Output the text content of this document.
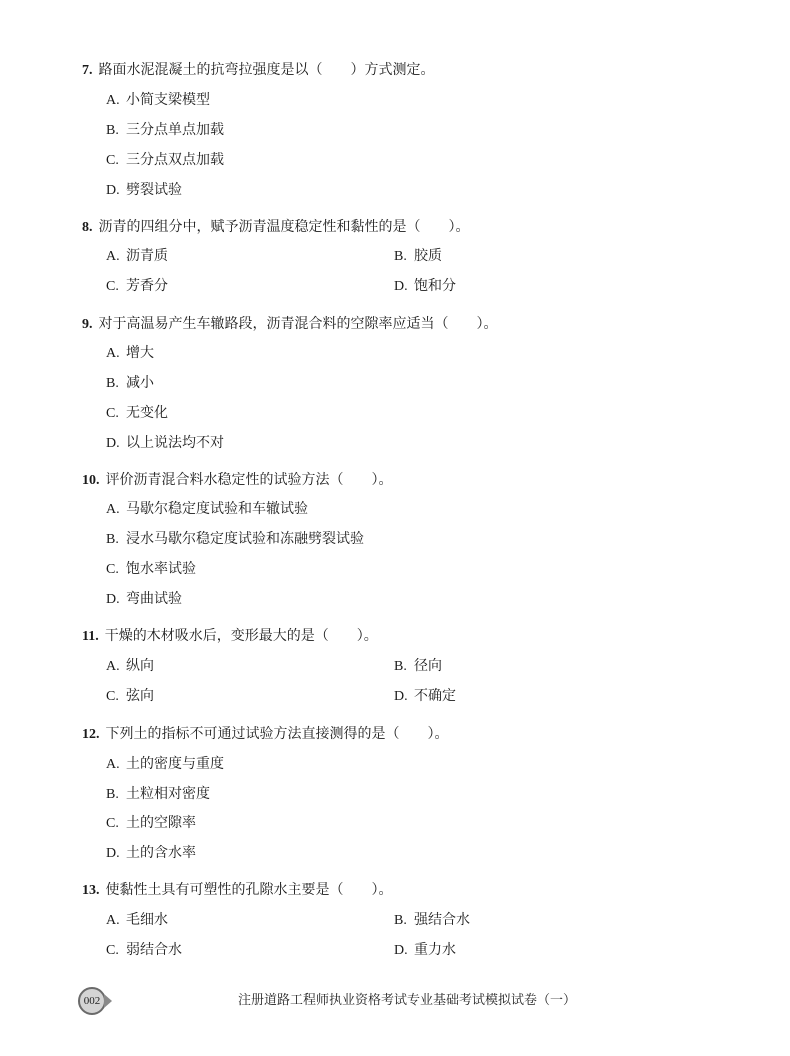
7. 路面水泥混凝土的抗弯拉强度是以（　　）方式测定。
A. 小简支梁模型
B. 三分点单点加载
C. 三分点双点加载
D. 劈裂试验
8. 沥青的四组分中，赋予沥青温度稳定性和黏性的是（　　）。
A. 沥青质	B. 胶质
C. 芳香分	D. 饱和分
9. 对于高温易产生车辙路段，沥青混合料的空隙率应适当（　　）。
A. 增大
B. 减小
C. 无变化
D. 以上说法均不对
10. 评价沥青混合料水稳定性的试验方法（　　）。
A. 马歇尔稳定度试验和车辙试验
B. 浸水马歇尔稳定度试验和冻融劈裂试验
C. 饱水率试验
D. 弯曲试验
11. 干燥的木材吸水后，变形最大的是（　　）。
A. 纵向	B. 径向
C. 弦向	D. 不确定
12. 下列土的指标不可通过试验方法直接测得的是（　　）。
A. 土的密度与重度
B. 土粒相对密度
C. 土的空隙率
D. 土的含水率
13. 使黏性土具有可塑性的孔隙水主要是（　　）。
A. 毛细水	B. 强结合水
C. 弱结合水	D. 重力水
002	注册道路工程师执业资格考试专业基础考试模拟试卷（一）
